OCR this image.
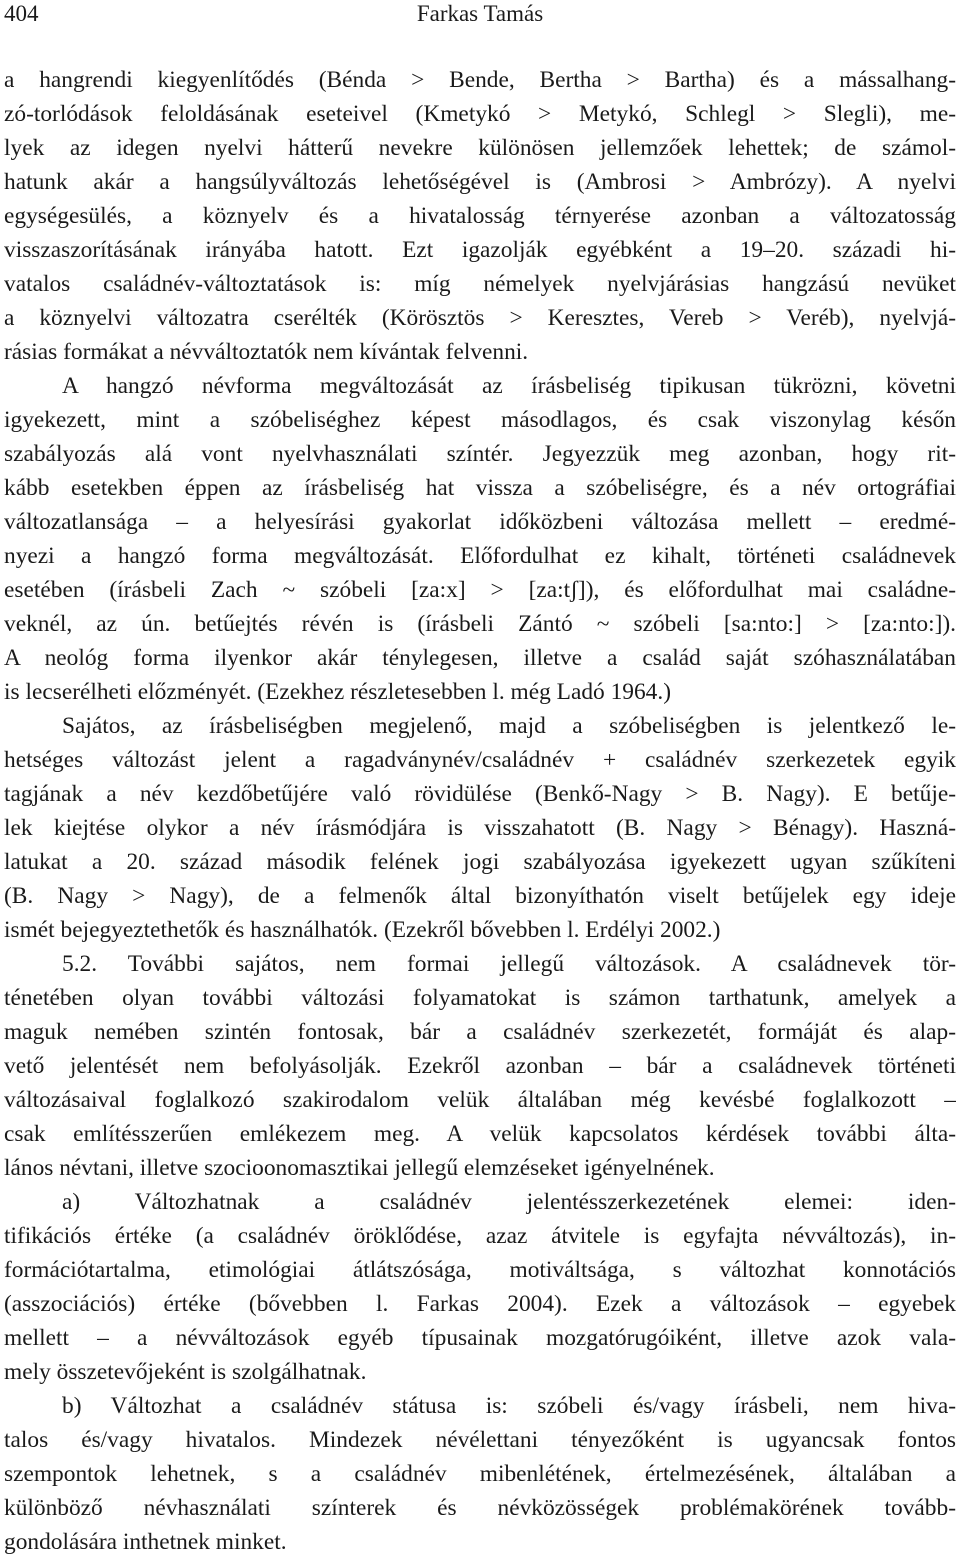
404	Farkas Tamás
a hangrendi kiegyenlítődés (Bénda > Bende, Bertha > Bartha) és a mássalhang-
zó-torlódások feloldásának eseteivel (Kmetykó > Metykó, Schlegl > Slegli), me-
lyek az idegen nyelvi hátterű nevekre különösen jellemzőek lehettek; de számol-
hatunk akár a hangsúlyváltozás lehetőségével is (Ambrosi > Ambrózy). A nyelvi
egységesülés, a köznyelv és a hivatalosság térnyerése azonban a változatosság
visszaszorításának irányába hatott. Ezt igazolják egyébként a 19–20. századi hi-
vatalos családnév-változtatások is: míg némelyek nyelvjárásias hangzású nevüket
a köznyelvi változatra cserélték (Körösztös > Keresztes, Vereb > Veréb), nyelvjá-
rásias formákat a névváltoztatók nem kívántak felvenni.
A hangzó névforma megváltozását az írásbeliség tipikusan tükrözni, követni
igyekezett, mint a szóbeliséghez képest másodlagos, és csak viszonylag későn
szabályozás alá vont nyelvhasználati színtér. Jegyezzük meg azonban, hogy rit-
kább esetekben éppen az írásbeliség hat vissza a szóbeliségre, és a név ortográfiai
változatlansága – a helyesírási gyakorlat időközbeni változása mellett – eredmé-
nyezi a hangzó forma megváltozását. Előfordulhat ez kihalt, történeti családnevek
esetében (írásbeli Zach ~ szóbeli [za:x] > [za:tʃ]), és előfordulhat mai családne-
veknél, az ún. betűejtés révén is (írásbeli Zántó ~ szóbeli [sa:nto:] > [za:nto:]).
A neológ forma ilyenkor akár ténylegesen, illetve a család saját szóhasználatában
is lecserélheti előzményét. (Ezekhez részletesebben l. még Ladó 1964.)
Sajátos, az írásbeliségben megjelenő, majd a szóbeliségben is jelentkező le-
hetséges változást jelent a ragadványnév/családnév + családnév szerkezetek egyik
tagjának a név kezdőbetűjére való rövidülése (Benkő-Nagy > B. Nagy). E betűje-
lek kiejtése olykor a név írásmódjára is visszahatott (B. Nagy > Bénagy). Haszná-
latukat a 20. század második felének jogi szabályozása igyekezett ugyan szűkíteni
(B. Nagy > Nagy), de a felmenők által bizonyíthatón viselt betűjelek egy ideje
ismét bejegyeztethetők és használhatók. (Ezekről bővebben l. Erdélyi 2002.)
5.2. További sajátos, nem formai jellegű változások. A családnevek tör-
ténetében olyan további változási folyamatokat is számon tarthatunk, amelyek a
maguk nemében szintén fontosak, bár a családnév szerkezetét, formáját és alap-
vető jelentését nem befolyásolják. Ezekről azonban – bár a családnevek történeti
változásaival foglalkozó szakirodalom velük általában még kevésbé foglalkozott –
csak említésszerűen emlékezem meg. A velük kapcsolatos kérdések további álta-
lános névtani, illetve szocioonomasztikai jellegű elemzéseket igényelnének.
a) Változhatnak a családnév jelentésszerkezetének elemei: iden-
tifikációs értéke (a családnév öröklődése, azaz átvitele is egyfajta névváltozás), in-
formációtartalma, etimológiai átlátszósága, motiváltsága, s változhat konnotációs
(asszociációs) értéke (bővebben l. Farkas 2004). Ezek a változások – egyebek
mellett – a névváltozások egyéb típusainak mozgatórugóiként, illetve azok vala-
mely összetevőjeként is szolgálhatnak.
b) Változhat a családnév státusa is: szóbeli és/vagy írásbeli, nem hiva-
talos és/vagy hivatalos. Mindezek névélettani tényezőként is ugyancsak fontos
szempontok lehetnek, s a családnév mibenlétének, értelmezésének, általában a
különböző névhasználati színterek és névközösségek problémakörének tovább-
gondolására inthetnek minket.
